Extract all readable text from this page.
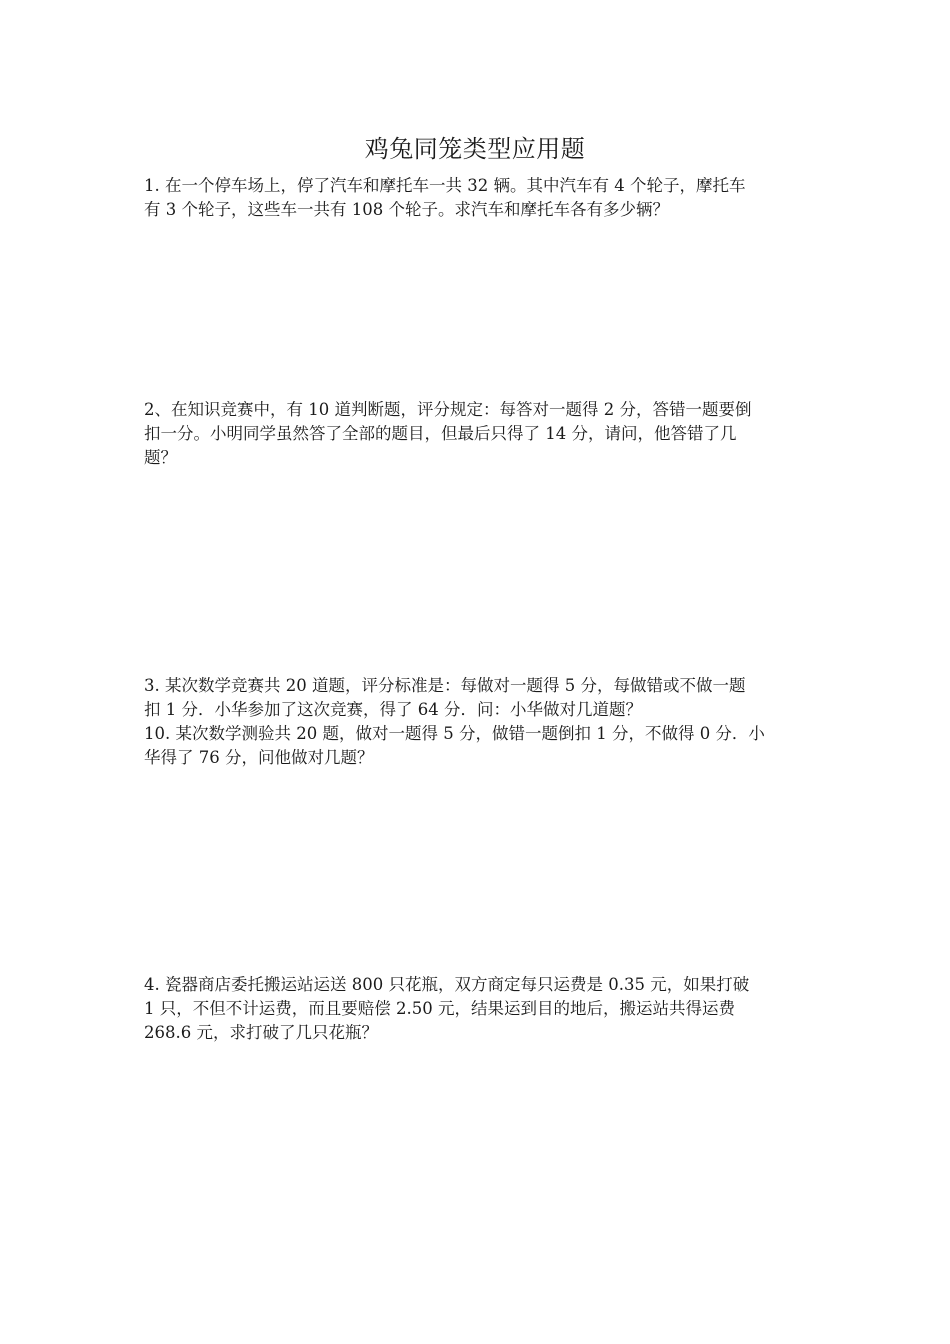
鸡兔同笼类型应用题
1. 在一个停车场上，停了汽车和摩托车一共 32 辆。其中汽车有 4 个轮子，摩托车
有 3 个轮子，这些车一共有 108 个轮子。求汽车和摩托车各有多少辆？
2、在知识竞赛中，有 10 道判断题，评分规定：每答对一题得 2 分，答错一题要倒
扣一分。小明同学虽然答了全部的题目，但最后只得了 14 分，请问，他答错了几
题？
3. 某次数学竞赛共 20 道题，评分标准是：每做对一题得 5 分，每做错或不做一题
扣 1 分．小华参加了这次竞赛，得了 64 分．问：小华做对几道题？
10. 某次数学测验共 20 题，做对一题得 5 分，做错一题倒扣 1 分，不做得 0 分．小
华得了 76 分，问他做对几题？
4. 瓷器商店委托搬运站运送 800 只花瓶，双方商定每只运费是 0.35 元，如果打破
1 只，不但不计运费，而且要赔偿 2.50 元，结果运到目的地后，搬运站共得运费
268.6 元，求打破了几只花瓶？
